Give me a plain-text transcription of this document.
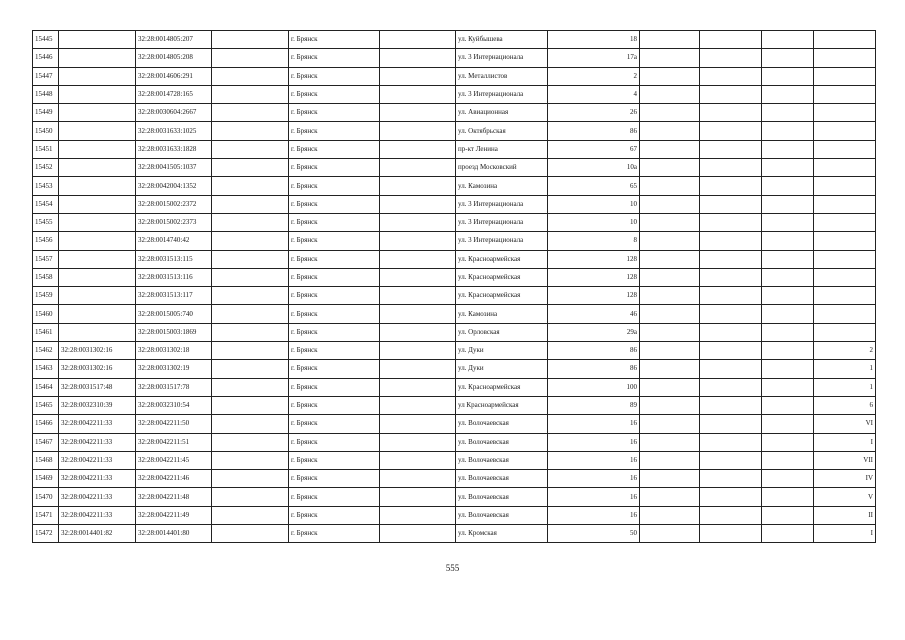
15445		32:28:0014805:207		г. Брянск		ул. Куйбышева	18				
15446		32:28:0014805:208		г. Брянск		ул. 3 Интернационала	17а				
15447		32:28:0014606:291		г. Брянск		ул. Металлистов	2				
15448		32:28:0014728:165		г. Брянск		ул. 3 Интернационала	4				
15449		32:28:0030604:2667		г. Брянск		ул. Авиационная	26				
15450		32:28:0031633:1025		г. Брянск		ул. Октябрьская	86				
15451		32:28:0031633:1828		г. Брянск		пр-кт Ленина	67				
15452		32:28:0041505:1037		г. Брянск		проезд Московский	10а				
15453		32:28:0042004:1352		г. Брянск		ул. Камозина	65				
15454		32:28:0015002:2372		г. Брянск		ул. 3 Интернационала	10				
15455		32:28:0015002:2373		г. Брянск		ул. 3 Интернационала	10				
15456		32:28:0014740:42		г. Брянск		ул. 3 Интернационала	8				
15457		32:28:0031513:115		г. Брянск		ул. Красноармейская	128				
15458		32:28:0031513:116		г. Брянск		ул. Красноармейская	128				
15459		32:28:0031513:117		г. Брянск		ул. Красноармейская	128				
15460		32:28:0015005:740		г. Брянск		ул. Камозина	46				
15461		32:28:0015003:1869		г. Брянск		ул. Орловская	29а				
15462	32:28:0031302:16	32:28:0031302:18		г. Брянск		ул. Дуки	86				2
15463	32:28:0031302:16	32:28:0031302:19		г. Брянск		ул. Дуки	86				1
15464	32:28:0031517:48	32:28:0031517:78		г. Брянск		ул. Красноармейская	100				1
15465	32:28:0032310:39	32:28:0032310:54		г. Брянск		ул Красноармейская	89				6
15466	32:28:0042211:33	32:28:0042211:50		г. Брянск		ул. Волочаевская	16				VI
15467	32:28:0042211:33	32:28:0042211:51		г. Брянск		ул. Волочаевская	16				I
15468	32:28:0042211:33	32:28:0042211:45		г. Брянск		ул. Волочаевская	16				VII
15469	32:28:0042211:33	32:28:0042211:46		г. Брянск		ул. Волочаевская	16				IV
15470	32:28:0042211:33	32:28:0042211:48		г. Брянск		ул. Волочаевская	16				V
15471	32:28:0042211:33	32:28:0042211:49		г. Брянск		ул. Волочаевская	16				II
15472	32:28:0014401:82	32:28:0014401:80		г. Брянск		ул. Кромская	50				I
555
